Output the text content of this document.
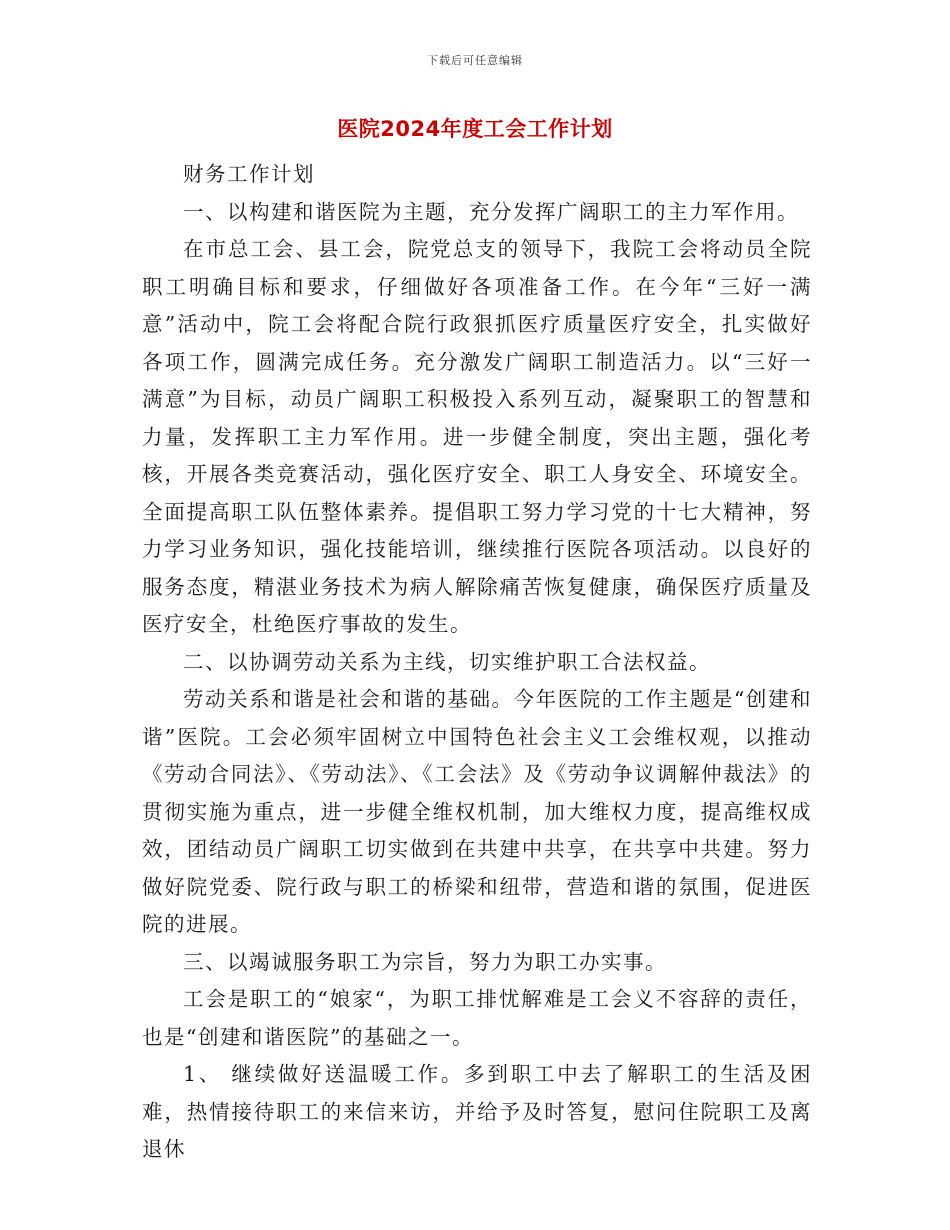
下载后可任意编辑
医院2024年度工会工作计划

财务工作计划

一、以构建和谐医院为主题，充分发挥广阔职工的主力军作用。

在市总工会、县工会，院党总支的领导下，我院工会将动员全院职工明确目标和要求，仔细做好各项准备工作。在今年“三好一满意”活动中，院工会将配合院行政狠抓医疗质量医疗安全，扎实做好各项工作，圆满完成任务。充分激发广阔职工制造活力。以“三好一满意”为目标，动员广阔职工积极投入系列互动，凝聚职工的智慧和力量，发挥职工主力军作用。进一步健全制度，突出主题，强化考核，开展各类竞赛活动，强化医疗安全、职工人身安全、环境安全。全面提高职工队伍整体素养。提倡职工努力学习党的十七大精神，努力学习业务知识，强化技能培训，继续推行医院各项活动。以良好的服务态度，精湛业务技术为病人解除痛苦恢复健康，确保医疗质量及医疗安全，杜绝医疗事故的发生。

二、以协调劳动关系为主线，切实维护职工合法权益。

劳动关系和谐是社会和谐的基础。今年医院的工作主题是“创建和谐”医院。工会必须牢固树立中国特色社会主义工会维权观，以推动《劳动合同法》、《劳动法》、《工会法》及《劳动争议调解仲裁法》的贯彻实施为重点，进一步健全维权机制，加大维权力度，提高维权成效，团结动员广阔职工切实做到在共建中共享，在共享中共建。努力做好院党委、院行政与职工的桥梁和纽带，营造和谐的氛围，促进医院的进展。

三、以竭诚服务职工为宗旨，努力为职工办实事。

工会是职工的“娘家“，为职工排忧解难是工会义不容辞的责任，也是“创建和谐医院”的基础之一。

1、 继续做好送温暖工作。多到职工中去了解职工的生活及困难，热情接待职工的来信来访，并给予及时答复，慰问住院职工及离退休
